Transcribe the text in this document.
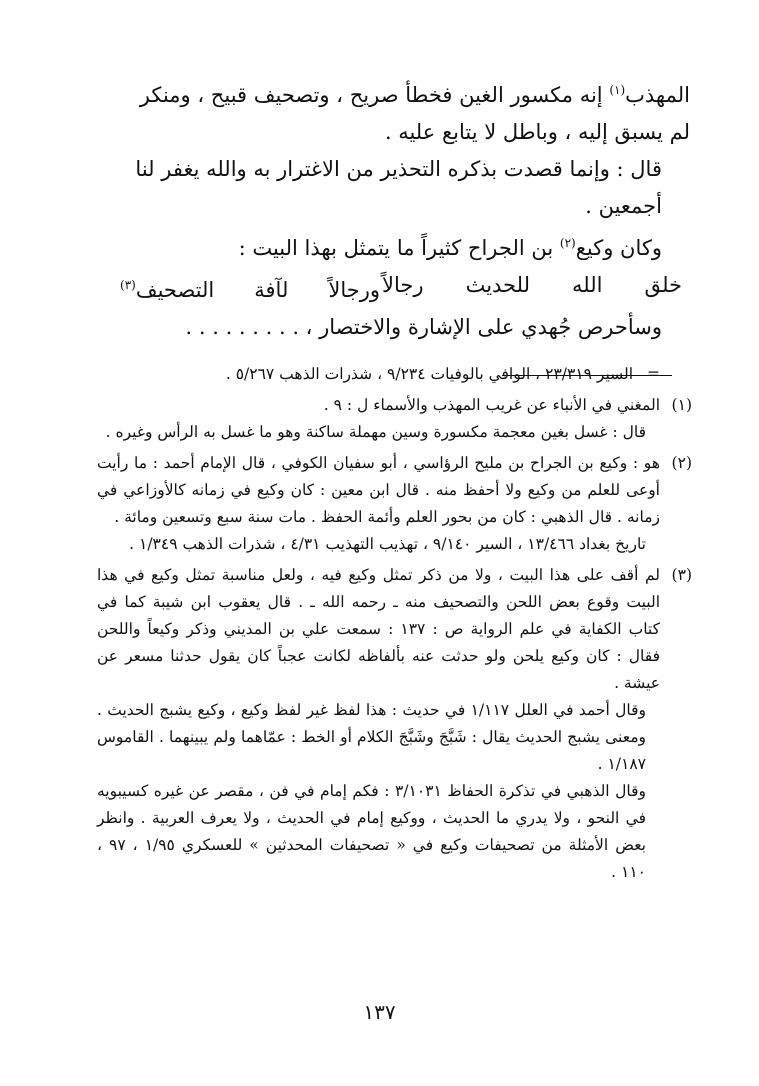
المهذب$^{(١)}$ إنه مكسور الغين فخطأ صريح ، وتصحيف قبيح ، ومنكر لم يسبق إليه ، وباطل لا يتابع عليه .

قال : وإنما قصدت بذكره التحذير من الاغترار به والله يغفر لنا أجمعين .

وكان وكيع$^{(٢)}$ بن الجراح كثيراً ما يتمثل بهذا البيت :

خلق الله للحديث رجالاً
ورجالاً لآفة التصحيف$^{(٣)}$

وسأحرص جُهدي على الإشارة والاختصار ، . . . . . . . . .

=السير ٢٣/٣١٩ ، الوافي بالوفيات ٩/٢٣٤ ، شذرات الذهب ٥/٢٦٧ .

(١)

المغني في الأنباء عن غريب المهذب والأسماء ل : ٩ .

قال : غسل بغين معجمة مكسورة وسين مهملة ساكنة وهو ما غسل به الرأس وغيره .

(٢)

هو : وكيع بن الجراح بن مليح الرؤاسي ، أبو سفيان الكوفي ، قال الإمام أحمد : ما رأيت أوعى للعلم من وكيع ولا أحفظ منه . قال ابن معين : كان وكيع في زمانه كالأوزاعي في زمانه . قال الذهبي : كان من بحور العلم وأئمة الحفظ . مات سنة سبع وتسعين ومائة .

تاريخ بغداد ١٣/٤٦٦ ، السير ٩/١٤٠ ، تهذيب التهذيب ٤/٣١ ، شذرات الذهب ١/٣٤٩ .

(٣)

لم أقف على هذا البيت ، ولا من ذكر تمثل وكيع فيه ، ولعل مناسبة تمثل وكيع في هذا البيت وقوع بعض اللحن والتصحيف منه ـ رحمه الله ـ . قال يعقوب ابن شيبة كما في كتاب الكفاية في علم الرواية ص : ١٣٧ : سمعت علي بن المديني وذكر وكيعاً واللحن فقال : كان وكيع يلحن ولو حدثت عنه بألفاظه لكانت عجباً كان يقول حدثنا مسعر عن عيشة .

وقال أحمد في العلل ١/١١٧ في حديث : هذا لفظ غير لفظ وكيع ، وكيع يشبج الحديث . ومعنى يشبج الحديث يقال : شَبَّجَ وشَبَّجَ الكلام أو الخط : عمّاهما ولم يبينهما . القاموس ١/١٨٧ .

وقال الذهبي في تذكرة الحفاظ ٣/١٠٣١ : فكم إمام في فن ، مقصر عن غيره كسيبويه في النحو ، ولا يدري ما الحديث ، ووكيع إمام في الحديث ، ولا يعرف العربية . وانظر بعض الأمثلة من تصحيفات وكيع في « تصحيفات المحدثين » للعسكري ١/٩٥ ، ٩٧ ، ١١٠ .

١٣٧
